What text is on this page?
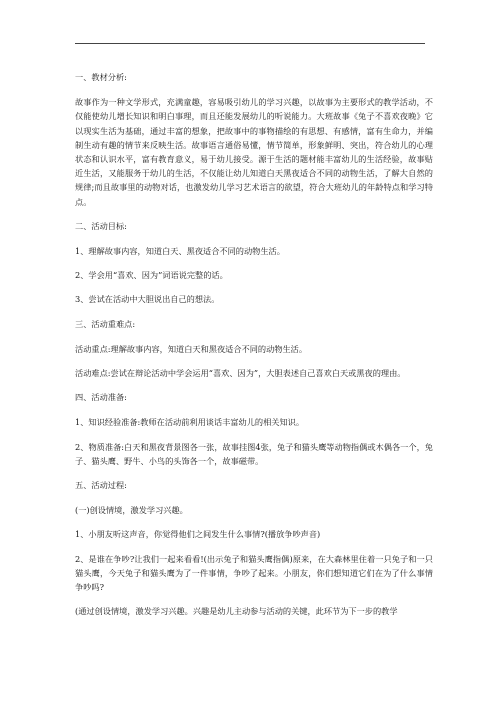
一、教材分析:

故事作为一种文学形式，充满童趣，容易吸引幼儿的学习兴趣，以故事为主要形式的教学活动，不仅能使幼儿增长知识和明白事理，而且还能发展幼儿的听说能力。大班故事《兔子不喜欢夜晚》它以现实生活为基础，通过丰富的想象，把故事中的事物描绘的有思想、有感情，富有生命力，并编制生动有趣的情节来反映生活。故事语言通俗易懂，情节简单，形象鲜明、突出，符合幼儿的心理状态和认识水平，富有教育意义，易于幼儿接受。源于生活的题材能丰富幼儿的生活经验，故事贴近生活，又能服务于幼儿的生活，不仅能让幼儿知道白天黑夜适合不同的动物生活，了解大自然的规律;而且故事里的动物对话，也激发幼儿学习艺术语言的欲望，符合大班幼儿的年龄特点和学习特点。

二、活动目标:

1、理解故事内容，知道白天、黑夜适合不同的动物生活。

2、学会用“喜欢、因为”词语说完整的话。

3、尝试在活动中大胆说出自己的想法。

三、活动重难点:

活动重点:理解故事内容，知道白天和黑夜适合不同的动物生活。

活动难点:尝试在辩论活动中学会运用“喜欢、因为”，大胆表述自己喜欢白天或黑夜的理由。

四、活动准备:

1、知识经验准备:教师在活动前利用谈话丰富幼儿的相关知识。

2、物质准备:白天和黑夜背景图各一张，故事挂图4张，兔子和猫头鹰等动物指偶或木偶各一个，兔子、猫头鹰、野牛、小鸟的头饰各一个，故事磁带。

五、活动过程:

(一)创设情境，激发学习兴趣。

1、小朋友听这声音，你觉得他们之间发生什么事情?(播放争吵声音)

2、是谁在争吵?让我们一起来看看!(出示兔子和猫头鹰指偶)原来，在大森林里住着一只兔子和一只猫头鹰，今天兔子和猫头鹰为了一件事情，争吵了起来。小朋友，你们想知道它们在为了什么事情争吵吗?

(通过创设情境，激发学习兴趣。兴趣是幼儿主动参与活动的关键，此环节为下一步的教学
